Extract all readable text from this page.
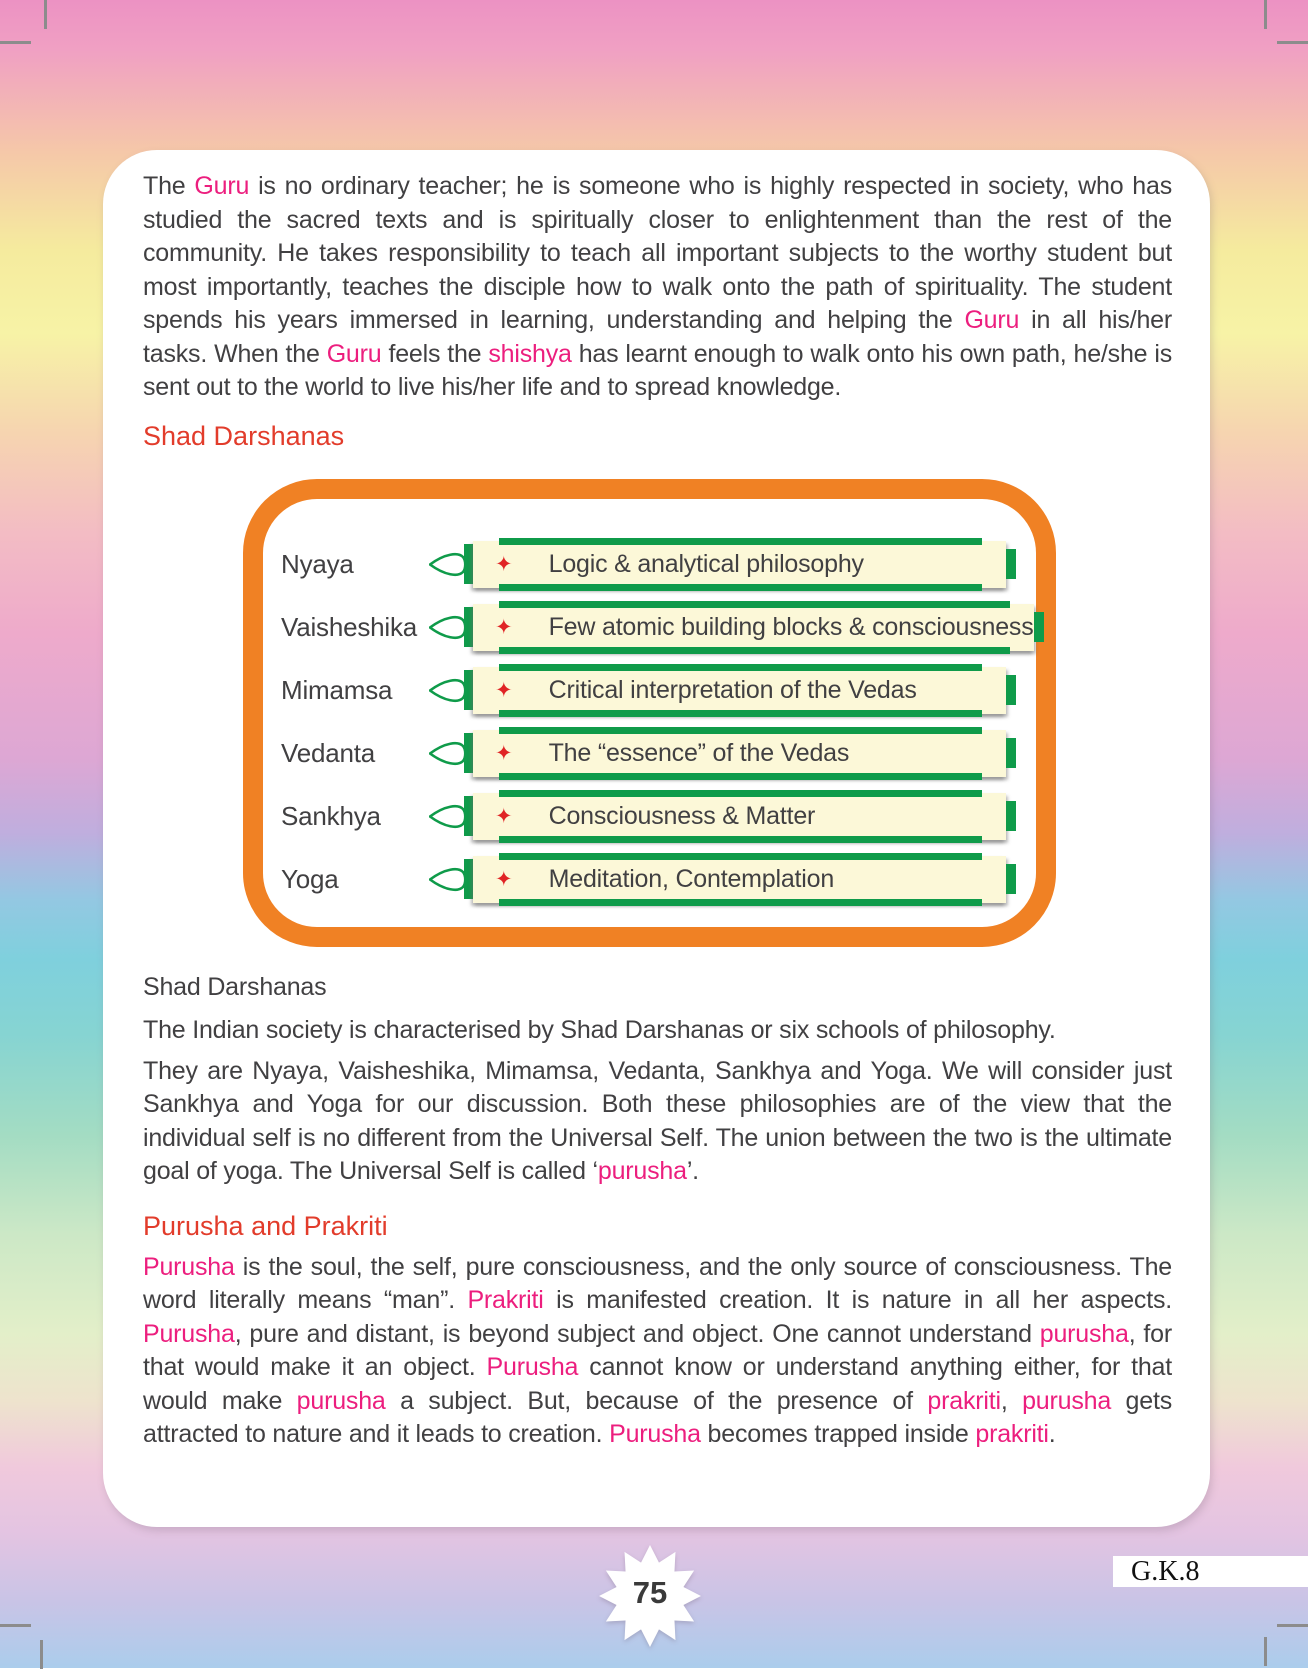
The Guru is no ordinary teacher; he is someone who is highly respected in society, who has studied the sacred texts and is spiritually closer to enlightenment than the rest of the community. He takes responsibility to teach all important subjects to the worthy student but most importantly, teaches the disciple how to walk onto the path of spirituality. The student spends his years immersed in learning, understanding and helping the Guru in all his/her tasks. When the Guru feels the shishya has learnt enough to walk onto his own path, he/she is sent out to the world to live his/her life and to spread knowledge.

Shad Darshanas
Nyaya	✦ Logic & analytical philosophy
Vaisheshika	✦ Few atomic building blocks & consciousness
Mimamsa	✦ Critical interpretation of the Vedas
Vedanta	✦ The “essence” of the Vedas
Sankhya	✦ Consciousness & Matter
Yoga	✦ Meditation, Contemplation
Shad Darshanas

The Indian society is characterised by Shad Darshanas or six schools of philosophy.

They are Nyaya, Vaisheshika, Mimamsa, Vedanta, Sankhya and Yoga. We will consider just Sankhya and Yoga for our discussion. Both these philosophies are of the view that the individual self is no different from the Universal Self. The union between the two is the ultimate goal of yoga. The Universal Self is called ‘purusha’.

Purusha and Prakriti

Purusha is the soul, the self, pure consciousness, and the only source of consciousness. The word literally means “man”. Prakriti is manifested creation. It is nature in all her aspects. Purusha, pure and distant, is beyond subject and object. One cannot understand purusha, for that would make it an object. Purusha cannot know or understand anything either, for that would make purusha a subject. But, because of the presence of prakriti, purusha gets attracted to nature and it leads to creation. Purusha becomes trapped inside prakriti.

75
G.K.8
